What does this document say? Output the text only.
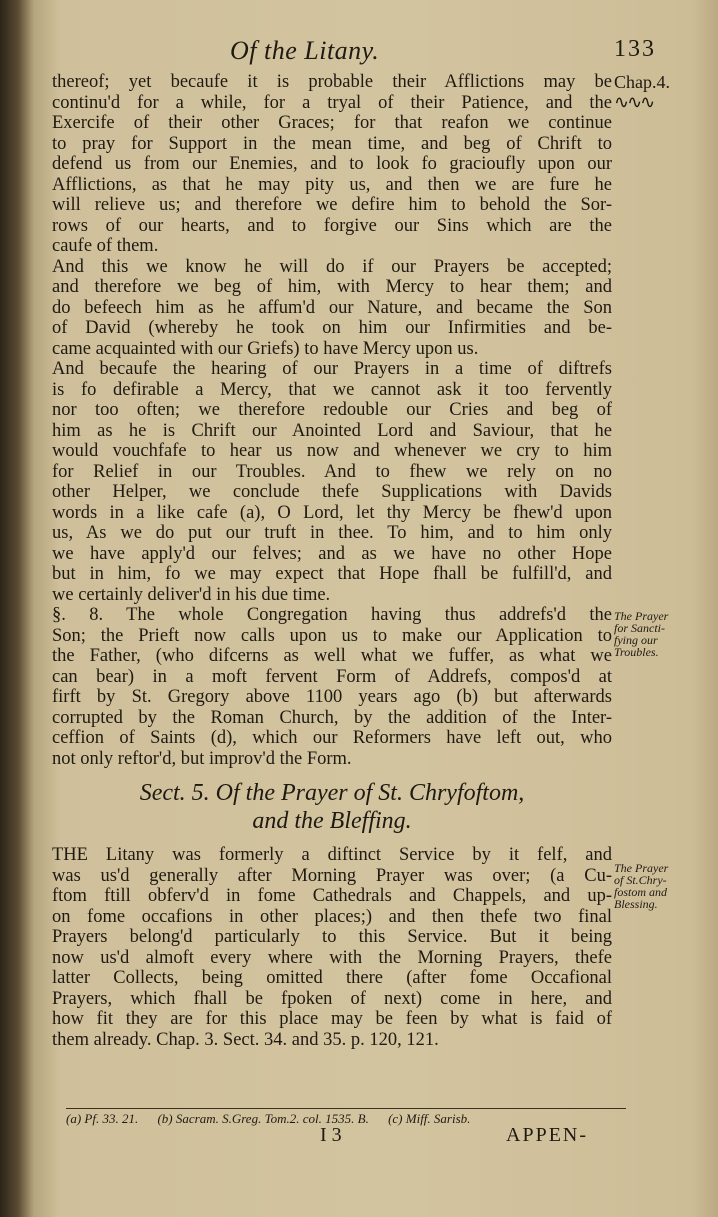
Of the Litany.	133
Chap.4.
∿∿∿
The Prayer
for Sancti-
fying our
Troubles.
The Prayer
of St.Chry-
fostom and
Blessing.
thereof; yet becaufe it is probable their Afflictions may be
continu'd for a while, for a tryal of their Patience, and the
Exercife of their other Graces; for that reafon we continue
to pray for Support in the mean time, and beg of Chrift to
defend us from our Enemies, and to look fo gracioufly upon our
Afflictions, as that he may pity us, and then we are fure he
will relieve us; and therefore we defire him to behold the Sor-
rows of our hearts, and to forgive our Sins which are the
caufe of them.
And this we know he will do if our Prayers be accepted;
and therefore we beg of him, with Mercy to hear them; and
do befeech him as he affum'd our Nature, and became the Son
of David (whereby he took on him our Infirmities and be-
came acquainted with our Griefs) to have Mercy upon us.
And becaufe the hearing of our Prayers in a time of diftrefs
is fo defirable a Mercy, that we cannot ask it too fervently
nor too often; we therefore redouble our Cries and beg of
him as he is Chrift our Anointed Lord and Saviour, that he
would vouchfafe to hear us now and whenever we cry to him
for Relief in our Troubles. And to fhew we rely on no
other Helper, we conclude thefe Supplications with Davids
words in a like cafe (a), O Lord, let thy Mercy be fhew'd upon
us, As we do put our truft in thee. To him, and to him only
we have apply'd our felves; and as we have no other Hope
but in him, fo we may expect that Hope fhall be fulfill'd, and
we certainly deliver'd in his due time.
§. 8. The whole Congregation having thus addrefs'd the
Son; the Prieft now calls upon us to make our Application to
the Father, (who difcerns as well what we fuffer, as what we
can bear) in a moft fervent Form of Addrefs, compos'd at
firft by St. Gregory above 1100 years ago (b) but afterwards
corrupted by the Roman Church, by the addition of the Inter-
ceffion of Saints (d), which our Reformers have left out, who
not only reftor'd, but improv'd the Form.
Sect. 5. Of the Prayer of St. Chryfoftom,
and the Bleffing.
THE Litany was formerly a diftinct Service by it felf, and
was us'd generally after Morning Prayer was over; (a Cu-
ftom ftill obferv'd in fome Cathedrals and Chappels, and up-
on fome occafions in other places;) and then thefe two final
Prayers belong'd particularly to this Service. But it being
now us'd almoft every where with the Morning Prayers, thefe
latter Collects, being omitted there (after fome Occafional
Prayers, which fhall be fpoken of next) come in here, and
how fit they are for this place may be feen by what is faid of
them already. Chap. 3. Sect. 34. and 35. p. 120, 121.
(a) Pf. 33. 21. (b) Sacram. S.Greg. Tom.2. col. 1535. B. (c) Miff. Sarisb.
I 3	APPEN-
